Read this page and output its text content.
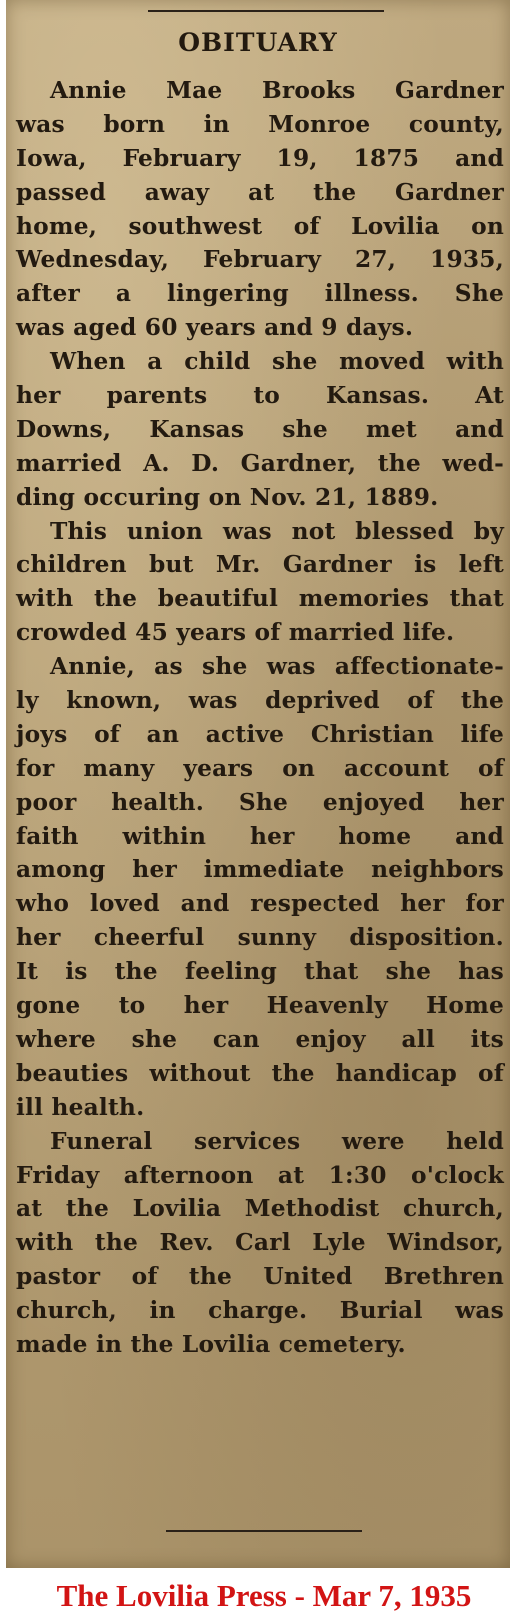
OBITUARY
Annie Mae Brooks Gardner
was born in Monroe county,
Iowa, February 19, 1875 and
passed away at the Gardner
home, southwest of Lovilia on
Wednesday, February 27, 1935,
after a lingering illness. She
was aged 60 years and 9 days.
When a child she moved with
her parents to Kansas. At
Downs, Kansas she met and
married A. D. Gardner, the wed-
ding occuring on Nov. 21, 1889.
This union was not blessed by
children but Mr. Gardner is left
with the beautiful memories that
crowded 45 years of married life.
Annie, as she was affectionate-
ly known, was deprived of the
joys of an active Christian life
for many years on account of
poor health. She enjoyed her
faith within her home and
among her immediate neighbors
who loved and respected her for
her cheerful sunny disposition.
It is the feeling that she has
gone to her Heavenly Home
where she can enjoy all its
beauties without the handicap of
ill health.
Funeral services were held
Friday afternoon at 1:30 o'clock
at the Lovilia Methodist church,
with the Rev. Carl Lyle Windsor,
pastor of the United Brethren
church, in charge. Burial was
made in the Lovilia cemetery.
The Lovilia Press - Mar 7, 1935
